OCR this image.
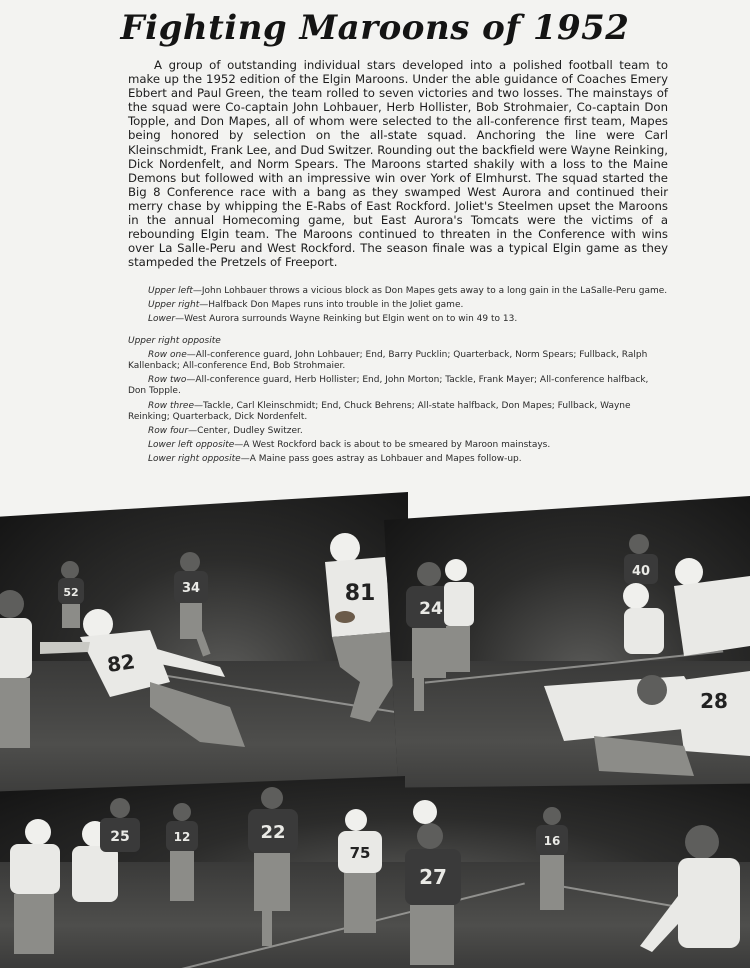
Fighting Maroons of 1952

A group of outstanding individual stars developed into a polished football team to make up the 1952 edition of the Elgin Maroons. Under the able guidance of Coaches Emery Ebbert and Paul Green, the team rolled to seven victories and two losses. The mainstays of the squad were Co-captain John Lohbauer, Herb Hollister, Bob Strohmaier, Co-captain Don Topple, and Don Mapes, all of whom were selected to the all-conference first team, Mapes being honored by selection on the all-state squad. Anchoring the line were Carl Kleinschmidt, Frank Lee, and Dud Switzer. Rounding out the backfield were Wayne Reinking, Dick Nordenfelt, and Norm Spears. The Maroons started shakily with a loss to the Maine Demons but followed with an impressive win over York of Elmhurst. The squad started the Big 8 Conference race with a bang as they swamped West Aurora and continued their merry chase by whipping the E-Rabs of East Rockford. Joliet's Steelmen upset the Maroons in the annual Homecoming game, but East Aurora's Tomcats were the victims of a rebounding Elgin team. The Maroons continued to threaten in the Conference with wins over La Salle-Peru and West Rockford. The season finale was a typical Elgin game as they stampeded the Pretzels of Freeport.

Upper left—John Lohbauer throws a vicious block as Don Mapes gets away to a long gain in the LaSalle-Peru game.

Upper right—Halfback Don Mapes runs into trouble in the Joliet game.

Lower—West Aurora surrounds Wayne Reinking but Elgin went on to win 49 to 13.

Upper right opposite

Row one—All-conference guard, John Lohbauer; End, Barry Pucklin; Quarterback, Norm Spears; Fullback, Ralph Kallenback; All-conference End, Bob Strohmaier.

Row two—All-conference guard, Herb Hollister; End, John Morton; Tackle, Frank Mayer; All-conference halfback, Don Topple.

Row three—Tackle, Carl Kleinschmidt; End, Chuck Behrens; All-state halfback, Don Mapes; Fullback, Wayne Reinking; Quarterback, Dick Nordenfelt.

Row four—Center, Dudley Switzer.

Lower left opposite—A West Rockford back is about to be smeared by Maroon mainstays.

Lower right opposite—A Maine pass goes astray as Lohbauer and Mapes follow-up.

52	34
82
81
40
24
28
25	12	22
75
27
16
